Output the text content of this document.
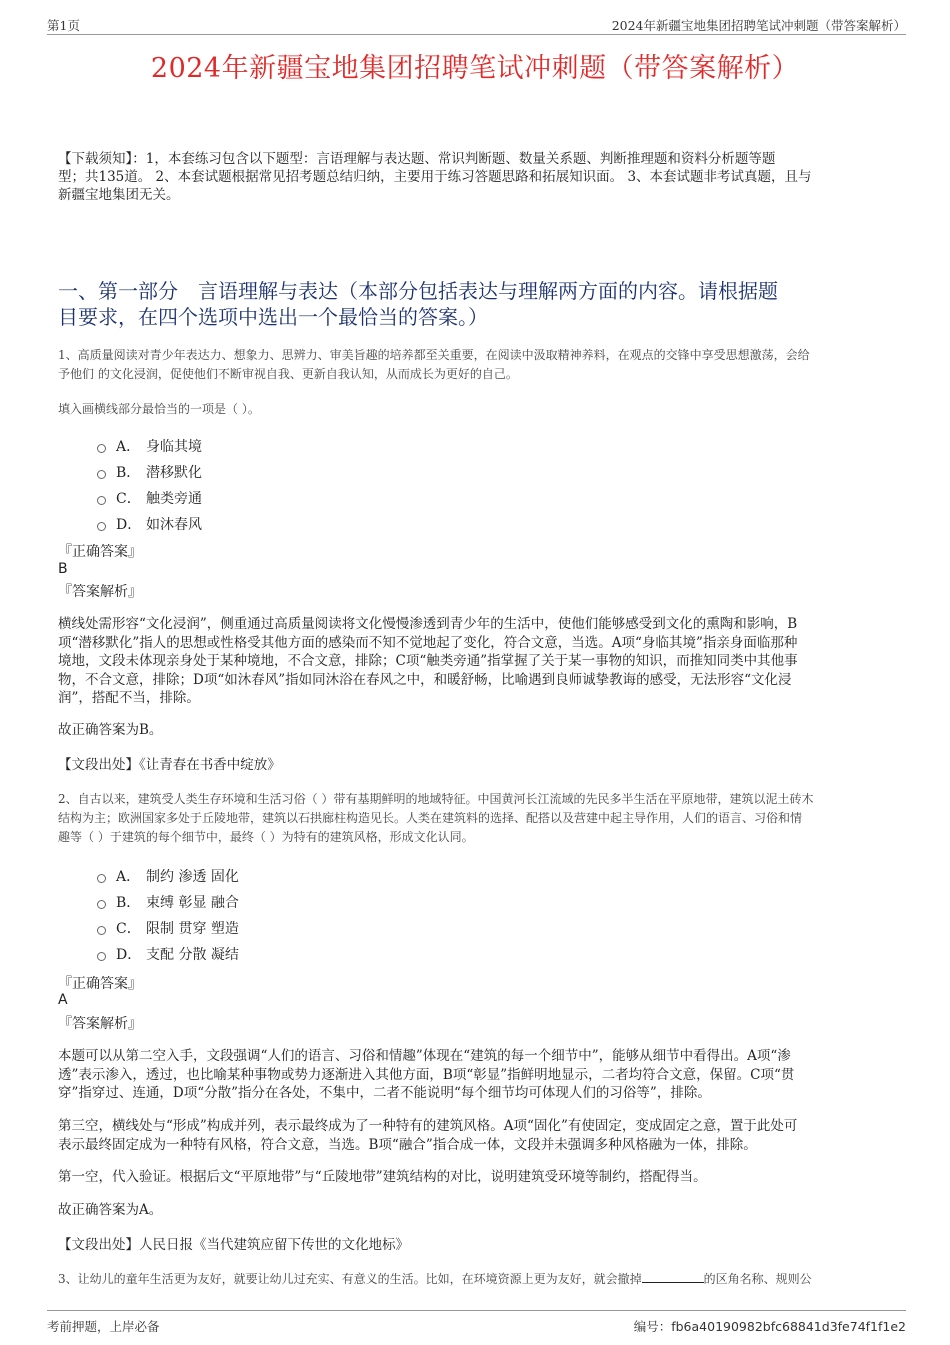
第1页	2024年新疆宝地集团招聘笔试冲刺题（带答案解析）
2024年新疆宝地集团招聘笔试冲刺题（带答案解析）
【下载须知】：1，本套练习包含以下题型：言语理解与表达题、常识判断题、数量关系题、判断推理题和资料分析题等题
型；共135道。 2、本套试题根据常见招考题总结归纳，主要用于练习答题思路和拓展知识面。 3、本套试题非考试真题，且与
新疆宝地集团无关。
一、第一部分　言语理解与表达（本部分包括表达与理解两方面的内容。请根据题
目要求，在四个选项中选出一个最恰当的答案。）
1、高质量阅读对青少年表达力、想象力、思辨力、审美旨趣的培养都至关重要，在阅读中汲取精神养料，在观点的交锋中享受思想激荡，会给
予他们 的文化浸润，促使他们不断审视自我、更新自我认知，从而成长为更好的自己。
填入画横线部分最恰当的一项是（ ）。
A． 身临其境
B． 潜移默化
C． 触类旁通
D． 如沐春风
『正确答案』
B
『答案解析』
横线处需形容“文化浸润”，侧重通过高质量阅读将文化慢慢渗透到青少年的生活中，使他们能够感受到文化的熏陶和影响，B
项“潜移默化”指人的思想或性格受其他方面的感染而不知不觉地起了变化，符合文意，当选。A项“身临其境”指亲身面临那种
境地，文段未体现亲身处于某种境地，不合文意，排除；C项“触类旁通”指掌握了关于某一事物的知识，而推知同类中其他事
物，不合文意，排除；D项“如沐春风”指如同沐浴在春风之中，和暖舒畅，比喻遇到良师诚挚教诲的感受，无法形容“文化浸
润”，搭配不当，排除。
故正确答案为B。
【文段出处】《让青春在书香中绽放》
2、自古以来，建筑受人类生存环境和生活习俗（ ）带有基期鲜明的地域特征。中国黄河长江流域的先民多半生活在平原地带，建筑以泥土砖木
结构为主；欧洲国家多处于丘陵地带，建筑以石拱廊柱构造见长。人类在建筑料的选择、配搭以及营建中起主导作用，人们的语言、习俗和情
趣等（ ）于建筑的每个细节中，最终（ ）为特有的建筑风格，形成文化认同。
A． 制约 渗透 固化
B． 束缚 彰显 融合
C． 限制 贯穿 塑造
D． 支配 分散 凝结
『正确答案』
A
『答案解析』
本题可以从第二空入手，文段强调“人们的语言、习俗和情趣”体现在“建筑的每一个细节中”，能够从细节中看得出。A项“渗
透”表示渗入，透过，也比喻某种事物或势力逐渐进入其他方面，B项“彰显”指鲜明地显示，二者均符合文意，保留。C项“贯
穿”指穿过、连通，D项“分散”指分在各处，不集中，二者不能说明“每个细节均可体现人们的习俗等”，排除。
第三空，横线处与“形成”构成并列，表示最终成为了一种特有的建筑风格。A项“固化”有使固定，变成固定之意，置于此处可
表示最终固定成为一种特有风格，符合文意，当选。B项“融合”指合成一体，文段并未强调多种风格融为一体，排除。
第一空，代入验证。根据后文“平原地带”与“丘陵地带”建筑结构的对比，说明建筑受环境等制约，搭配得当。
故正确答案为A。
【文段出处】人民日报《当代建筑应留下传世的文化地标》
3、让幼儿的童年生活更为友好，就要让幼儿过充实、有意义的生活。比如，在环境资源上更为友好，就会撤掉	的区角名称、规则公
考前押题，上岸必备	编号：fb6a40190982bfc68841d3fe74f1f1e2
